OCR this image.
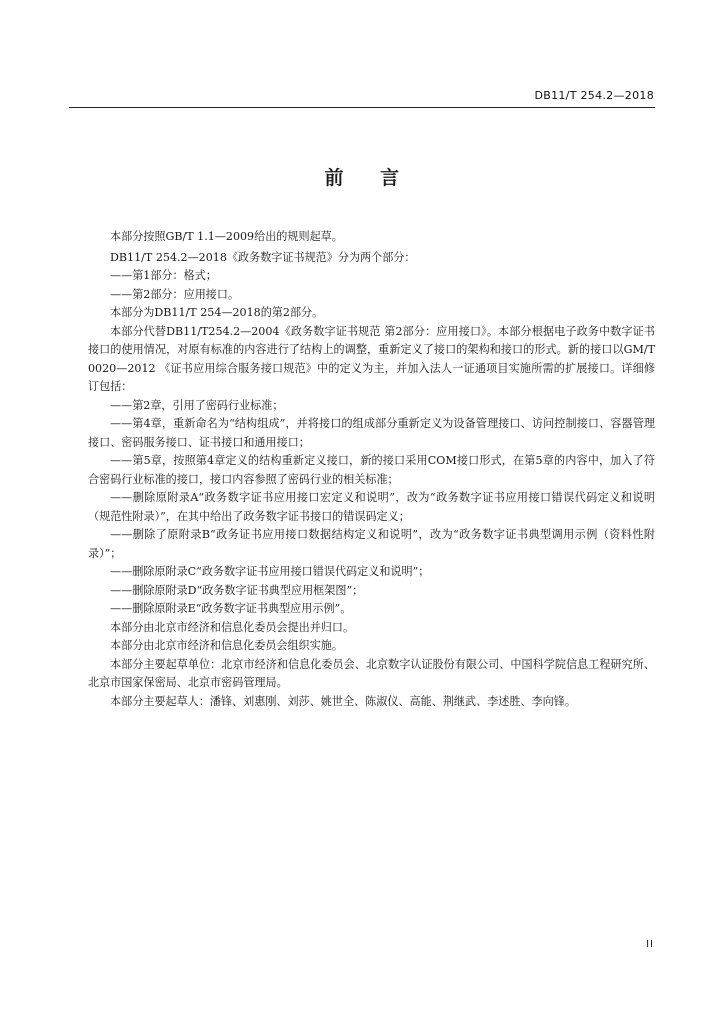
DB11/T 254.2—2018
前 言

本部分按照GB/T 1.1—2009给出的规则起草。

DB11/T 254.2—2018《政务数字证书规范》分为两个部分：

——第1部分：格式；

——第2部分：应用接口。

本部分为DB11/T 254—2018的第2部分。

本部分代替DB11/T254.2—2004《政务数字证书规范 第2部分：应用接口》。本部分根据电子政务中数字证书接口的使用情况，对原有标准的内容进行了结构上的调整，重新定义了接口的架构和接口的形式。新的接口以GM/T 0020—2012 《证书应用综合服务接口规范》中的定义为主，并加入法人一证通项目实施所需的扩展接口。详细修订包括：

——第2章，引用了密码行业标准；

——第4章，重新命名为“结构组成”，并将接口的组成部分重新定义为设备管理接口、访问控制接口、容器管理接口、密码服务接口、证书接口和通用接口；

——第5章，按照第4章定义的结构重新定义接口，新的接口采用COM接口形式，在第5章的内容中，加入了符合密码行业标准的接口，接口内容参照了密码行业的相关标准；

——删除原附录A“政务数字证书应用接口宏定义和说明”，改为“政务数字证书应用接口错误代码定义和说明（规范性附录）”，在其中给出了政务数字证书接口的错误码定义；

——删除了原附录B“政务证书应用接口数据结构定义和说明”，改为“政务数字证书典型调用示例（资料性附录）”；

——删除原附录C“政务数字证书应用接口错误代码定义和说明”；

——删除原附录D“政务数字证书典型应用框架图”；

——删除原附录E“政务数字证书典型应用示例”。

本部分由北京市经济和信息化委员会提出并归口。

本部分由北京市经济和信息化委员会组织实施。

本部分主要起草单位：北京市经济和信息化委员会、北京数字认证股份有限公司、中国科学院信息工程研究所、北京市国家保密局、北京市密码管理局。

本部分主要起草人：潘锋、刘惠刚、刘莎、姚世全、陈淑仪、高能、荆继武、李述胜、李向锋。

II
